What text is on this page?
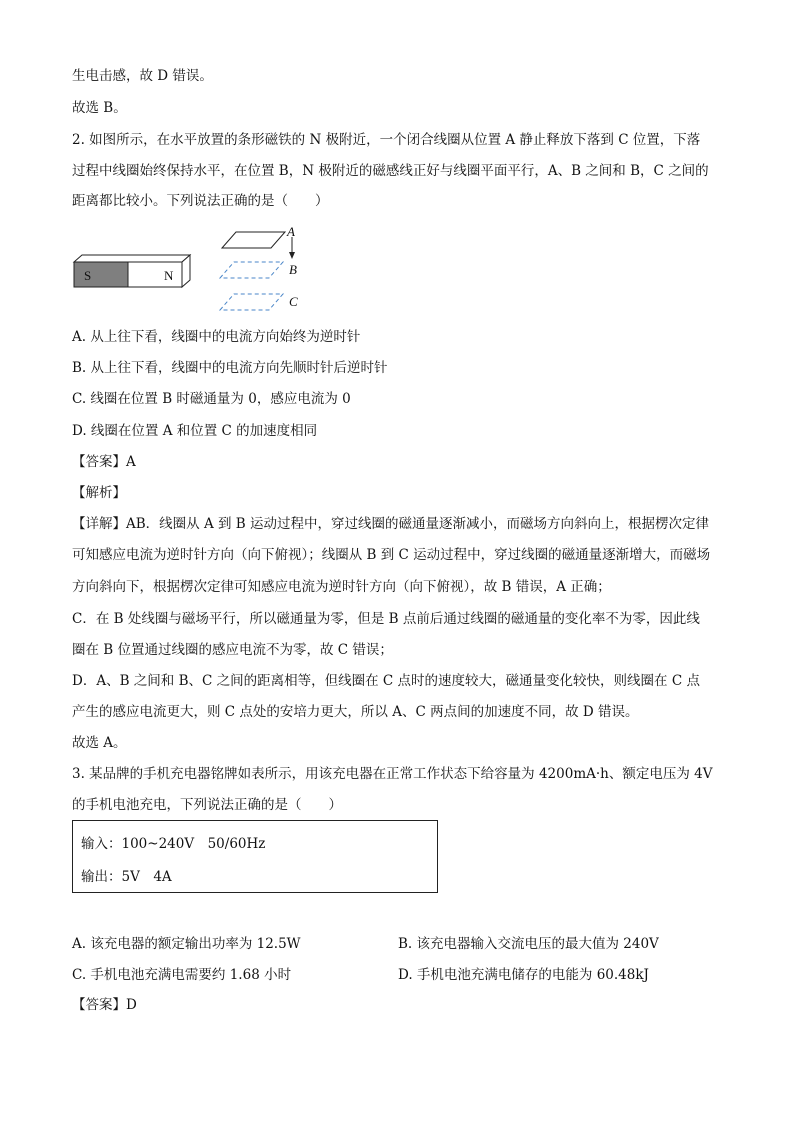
生电击感，故 D 错误。
故选 B。
2. 如图所示，在水平放置的条形磁铁的 N 极附近，一个闭合线圈从位置 A 静止释放下落到 C 位置，下落
过程中线圈始终保持水平，在位置 B，N 极附近的磁感线正好与线圈平面平行，A、B 之间和 B，C 之间的
距离都比较小。下列说法正确的是（　　）
S	N
A
B
C
A. 从上往下看，线圈中的电流方向始终为逆时针
B. 从上往下看，线圈中的电流方向先顺时针后逆时针
C. 线圈在位置 B 时磁通量为 0，感应电流为 0
D. 线圈在位置 A 和位置 C 的加速度相同
【答案】A
【解析】
【详解】AB．线圈从 A 到 B 运动过程中，穿过线圈的磁通量逐渐减小，而磁场方向斜向上，根据楞次定律
可知感应电流为逆时针方向（向下俯视）；线圈从 B 到 C 运动过程中，穿过线圈的磁通量逐渐增大，而磁场
方向斜向下，根据楞次定律可知感应电流为逆时针方向（向下俯视），故 B 错误，A 正确；
C．在 B 处线圈与磁场平行，所以磁通量为零，但是 B 点前后通过线圈的磁通量的变化率不为零，因此线
圈在 B 位置通过线圈的感应电流不为零，故 C 错误；
D．A、B 之间和 B、C 之间的距离相等，但线圈在 C 点时的速度较大，磁通量变化较快，则线圈在 C 点
产生的感应电流更大，则 C 点处的安培力更大，所以 A、C 两点间的加速度不同，故 D 错误。
故选 A。
3. 某品牌的手机充电器铭牌如表所示，用该充电器在正常工作状态下给容量为 4200mA·h、额定电压为 4V
的手机电池充电，下列说法正确的是（　　）
输入：100~240V　50/60Hz
输出：5V　4A
A. 该充电器的额定输出功率为 12.5W	B. 该充电器输入交流电压的最大值为 240V
C. 手机电池充满电需要约 1.68 小时	D. 手机电池充满电储存的电能为 60.48kJ
【答案】D
